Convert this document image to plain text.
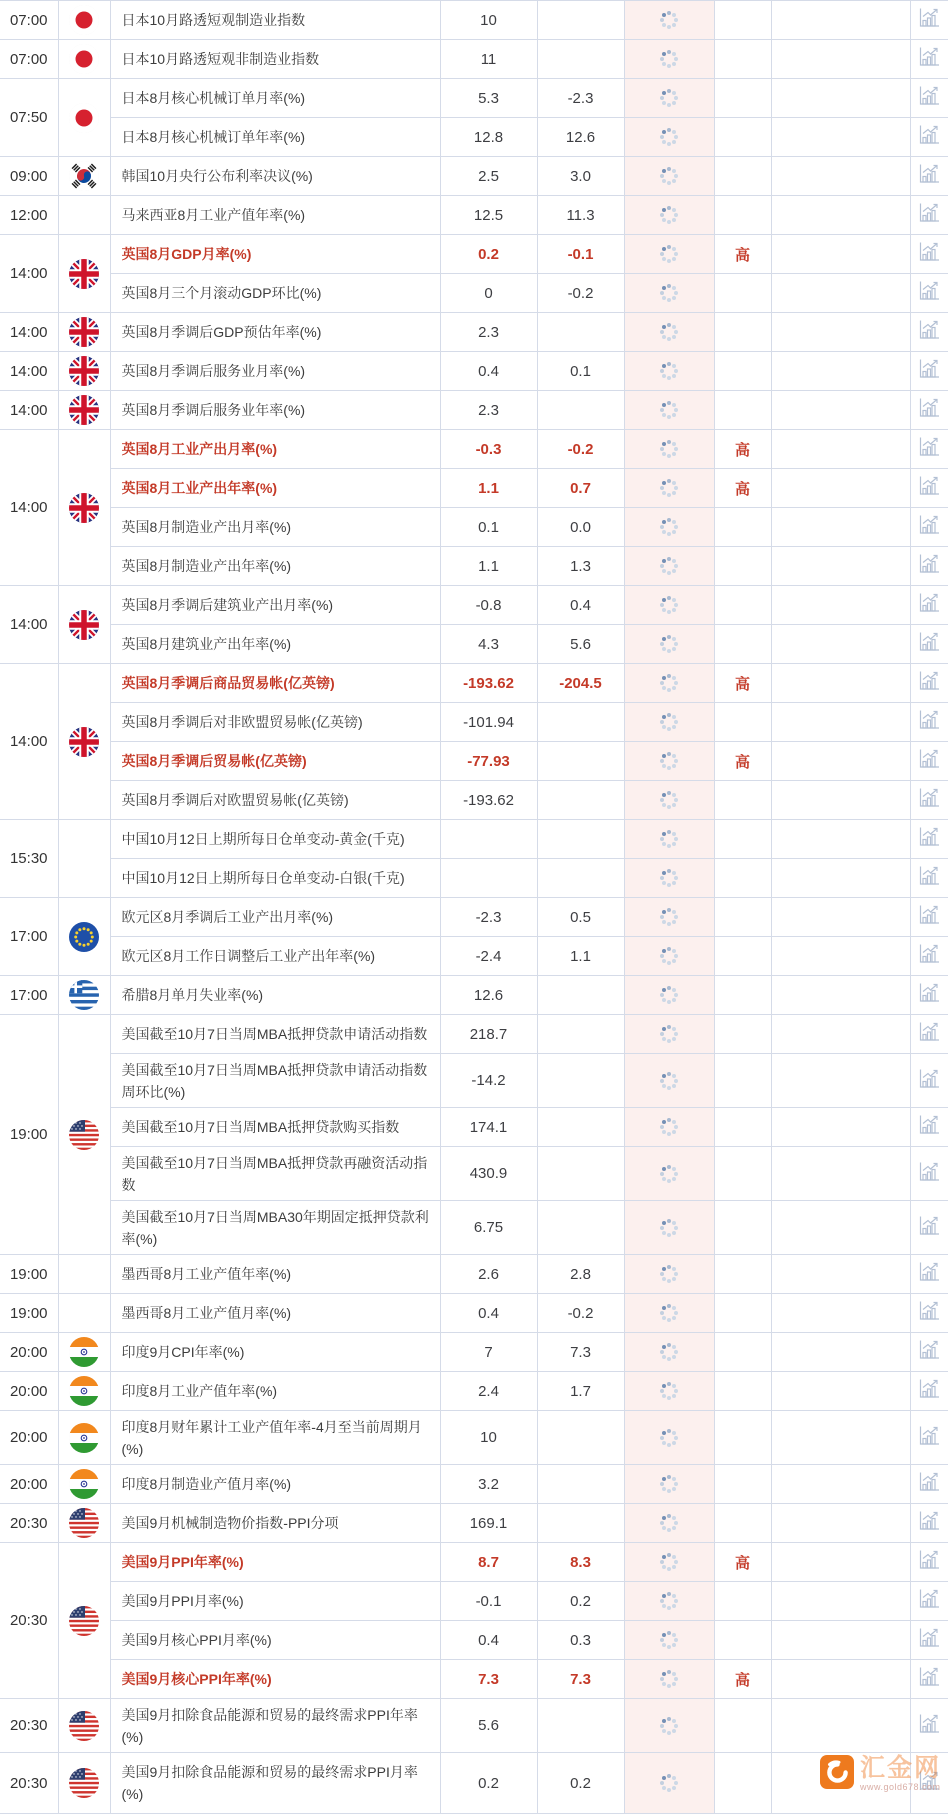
07:00		日本10月路透短观制造业指数	10					
07:00		日本10月路透短观非制造业指数	11					
07:50		日本8月核心机械订单月率(%)	5.3	-2.3				

		日本8月核心机械订单年率(%)	12.8	12.6				
09:00		韩国10月央行公布利率决议(%)	2.5	3.0				
12:00		马来西亚8月工业产值年率(%)	12.5	11.3				
14:00		英国8月GDP月率(%)	0.2	-0.1		高		

		英国8月三个月滚动GDP环比(%)	0	-0.2				
14:00		英国8月季调后GDP预估年率(%)	2.3					
14:00		英国8月季调后服务业月率(%)	0.4	0.1				
14:00		英国8月季调后服务业年率(%)	2.3					
14:00		英国8月工业产出月率(%)	-0.3	-0.2		高		

		英国8月工业产出年率(%)	1.1	0.7		高		

		英国8月制造业产出月率(%)	0.1	0.0				

		英国8月制造业产出年率(%)	1.1	1.3				
14:00		英国8月季调后建筑业产出月率(%)	-0.8	0.4				

		英国8月建筑业产出年率(%)	4.3	5.6				
14:00		英国8月季调后商品贸易帐(亿英镑)	-193.62	-204.5		高		

		英国8月季调后对非欧盟贸易帐(亿英镑)	-101.94					

		英国8月季调后贸易帐(亿英镑)	-77.93			高		

		英国8月季调后对欧盟贸易帐(亿英镑)	-193.62					
15:30		中国10月12日上期所每日仓单变动-黄金(千克)

		中国10月12日上期所每日仓单变动-白银(千克)

17:00		欧元区8月季调后工业产出月率(%)	-2.3	0.5				

		欧元区8月工作日调整后工业产出年率(%)	-2.4	1.1				
17:00		希腊8月单月失业率(%)	12.6					
19:00		美国截至10月7日当周MBA抵押贷款申请活动指数	218.7					

		美国截至10月7日当周MBA抵押贷款申请活动指数周环比(%)	-14.2					

		美国截至10月7日当周MBA抵押贷款购买指数	174.1					

		美国截至10月7日当周MBA抵押贷款再融资活动指数	430.9					

		美国截至10月7日当周MBA30年期固定抵押贷款利率(%)	6.75					
19:00		墨西哥8月工业产值年率(%)	2.6	2.8				
19:00		墨西哥8月工业产值月率(%)	0.4	-0.2				
20:00		印度9月CPI年率(%)	7	7.3				
20:00		印度8月工业产值年率(%)	2.4	1.7				
20:00		印度8月财年累计工业产值年率-4月至当前周期月(%)	10					
20:00		印度8月制造业产值月率(%)	3.2					
20:30		美国9月机械制造物价指数-PPI分项	169.1					
20:30		美国9月PPI年率(%)	8.7	8.3		高		

		美国9月PPI月率(%)	-0.1	0.2				

		美国9月核心PPI月率(%)	0.4	0.3				

		美国9月核心PPI年率(%)	7.3	7.3		高		
20:30		美国9月扣除食品能源和贸易的最终需求PPI年率(%)	5.6					
20:30		美国9月扣除食品能源和贸易的最终需求PPI月率(%)	0.2	0.2				
汇金网
www.gold678.com
